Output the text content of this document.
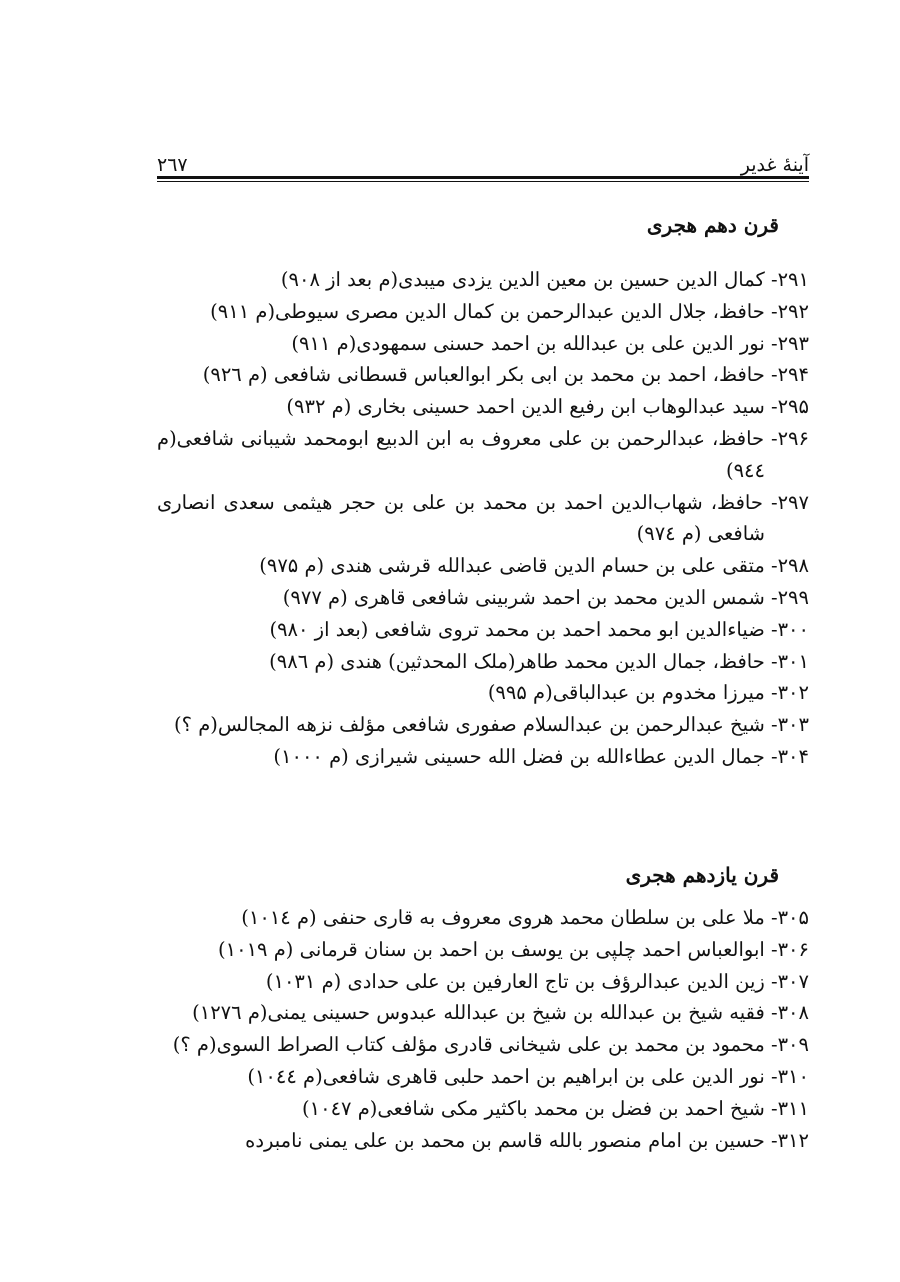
آینهٔ غدیر
۲٦۷
قرن دهم هجری
۲۹۱- کمال الدین حسین بن معین الدین یزدی میبدی(م بعد از ۹۰۸)
۲۹۲- حافظ، جلال الدین عبدالرحمن بن کمال الدین مصری سیوطی(م ۹۱۱)
۲۹۳- نور الدین علی بن عبدالله بن احمد حسنی سمهودی(م ۹۱۱)
۲۹۴- حافظ، احمد بن محمد بن ابی بکر ابوالعباس قسطانی شافعی (م ۹۲٦)
۲۹۵- سید عبدالوهاب ابن رفیع الدین احمد حسینی بخاری (م ۹۳۲)
۲۹۶- حافظ، عبدالرحمن بن علی معروف به ابن الدبیع ابومحمد شیبانی شافعی(م ۹٤٤)
۲۹۷- حافظ، شهاب‌الدین احمد بن محمد بن علی بن حجر هیثمی سعدی انصاری شافعی (م ۹۷٤)
۲۹۸- متقی علی بن حسام الدین قاضی عبدالله قرشی هندی (م ۹۷۵)
۲۹۹- شمس الدین محمد بن احمد شربینی شافعی قاهری (م ۹۷۷)
۳۰۰- ضیاءالدین ابو محمد احمد بن محمد تروی شافعی (بعد از ۹۸۰)
۳۰۱- حافظ، جمال الدین محمد طاهر(ملک المحدثین) هندی (م ۹۸٦)
۳۰۲- میرزا مخدوم بن عبدالباقی(م ۹۹۵)
۳۰۳- شیخ عبدالرحمن بن عبدالسلام صفوری شافعی مؤلف نزهه المجالس(م ؟)
۳۰۴- جمال الدین عطاءالله بن فضل الله حسینی شیرازی (م ۱۰۰۰)
قرن یازدهم هجری
۳۰۵- ملا علی بن سلطان محمد هروی معروف به قاری حنفی (م ۱۰۱٤)
۳۰۶- ابوالعباس احمد چلپی بن یوسف بن احمد بن سنان قرمانی (م ۱۰۱۹)
۳۰۷- زین الدین عبدالرؤف بن تاج العارفین بن علی حدادی (م ۱۰۳۱)
۳۰۸- فقیه شیخ بن عبدالله بن شیخ بن عبدالله عبدوس حسینی یمنی(م ۱۲۷٦)
۳۰۹- محمود بن محمد بن علی شیخانی قادری مؤلف کتاب الصراط السوی(م ؟)
۳۱۰- نور الدین علی بن ابراهیم بن احمد حلبی قاهری شافعی(م ۱۰٤٤)
۳۱۱- شیخ احمد بن فضل بن محمد باکثیر مکی شافعی(م ۱۰٤۷)
۳۱۲- حسین بن امام منصور بالله قاسم بن محمد بن علی یمنی نامبرده
